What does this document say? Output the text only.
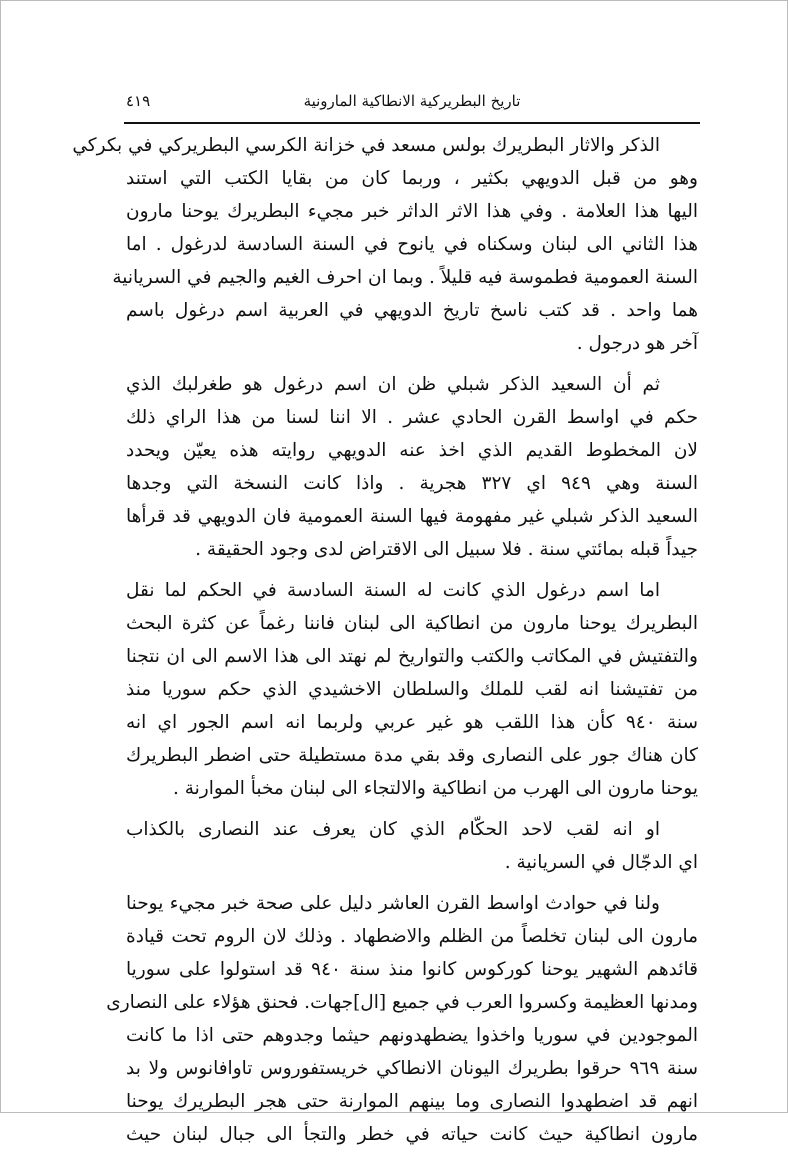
تاريخ البطريركية الانطاكية المارونية
٤١٩
الذكر والاثار البطريرك بولس مسعد في خزانة الكرسي البطريركي في بكركي
وهو من قبل الدويهي بكثير ، وربما كان من بقايا الكتب التي استند
اليها هذا العلامة . وفي هذا الاثر الداثر خبر مجيء البطريرك يوحنا مارون
هذا الثاني الى لبنان وسكناه في يانوح في السنة السادسة لدرغول . اما
السنة العمومية فطموسة فيه قليلاً . وبما ان احرف الغيم والجيم في السريانية
هما واحد . قد كتب ناسخ تاريخ الدويهي في العربية اسم درغول باسم
آخر هو درجول .
ثم أن السعيد الذكر شبلي ظن ان اسم درغول هو طغرلبك الذي
حكم في اواسط القرن الحادي عشر . الا اننا لسنا من هذا الراي ذلك
لان المخطوط القديم الذي اخذ عنه الدويهي روايته هذه يعيّن ويحدد
السنة وهي ٩٤٩ اي ٣٢٧ هجرية . واذا كانت النسخة التي وجدها
السعيد الذكر شبلي غير مفهومة فيها السنة العمومية فان الدويهي قد قرأها
جيداً قبله بمائتي سنة . فلا سبيل الى الاقتراض لدى وجود الحقيقة .
اما اسم درغول الذي كانت له السنة السادسة في الحكم لما نقل
البطريرك يوحنا مارون من انطاكية الى لبنان فاننا رغماً عن كثرة البحث
والتفتيش في المكاتب والكتب والتواريخ لم نهتد الى هذا الاسم الى ان نتجنا
من تفتيشنا انه لقب للملك والسلطان الاخشيدي الذي حكم سوريا منذ
سنة ٩٤٠ كأن هذا اللقب هو غير عربي ولربما انه اسم الجور اي انه
كان هناك جور على النصارى وقد بقي مدة مستطيلة حتى اضطر البطريرك
يوحنا مارون الى الهرب من انطاكية والالتجاء الى لبنان مخبأ الموارنة .
او انه لقب لاحد الحكّام الذي كان يعرف عند النصارى بالكذاب
اي الدجّال في السريانية .
ولنا في حوادث اواسط القرن العاشر دليل على صحة خبر مجيء يوحنا
مارون الى لبنان تخلصاً من الظلم والاضطهاد . وذلك لان الروم تحت قيادة
قائدهم الشهير يوحنا كوركوس كانوا منذ سنة ٩٤٠ قد استولوا على سوريا
ومدنها العظيمة وكسروا العرب في جميع [ال]جهات. فحنق هؤلاء على النصارى
الموجودين في سوريا واخذوا يضطهدونهم حيثما وجدوهم حتى اذا ما كانت
سنة ٩٦٩ حرقوا بطريرك اليونان الانطاكي خريستفوروس تاوافانوس ولا بد
انهم قد اضطهدوا النصارى وما بينهم الموارنة حتى هجر البطريرك يوحنا
مارون انطاكية حيث كانت حياته في خطر والتجأ الى جبال لبنان حيث
